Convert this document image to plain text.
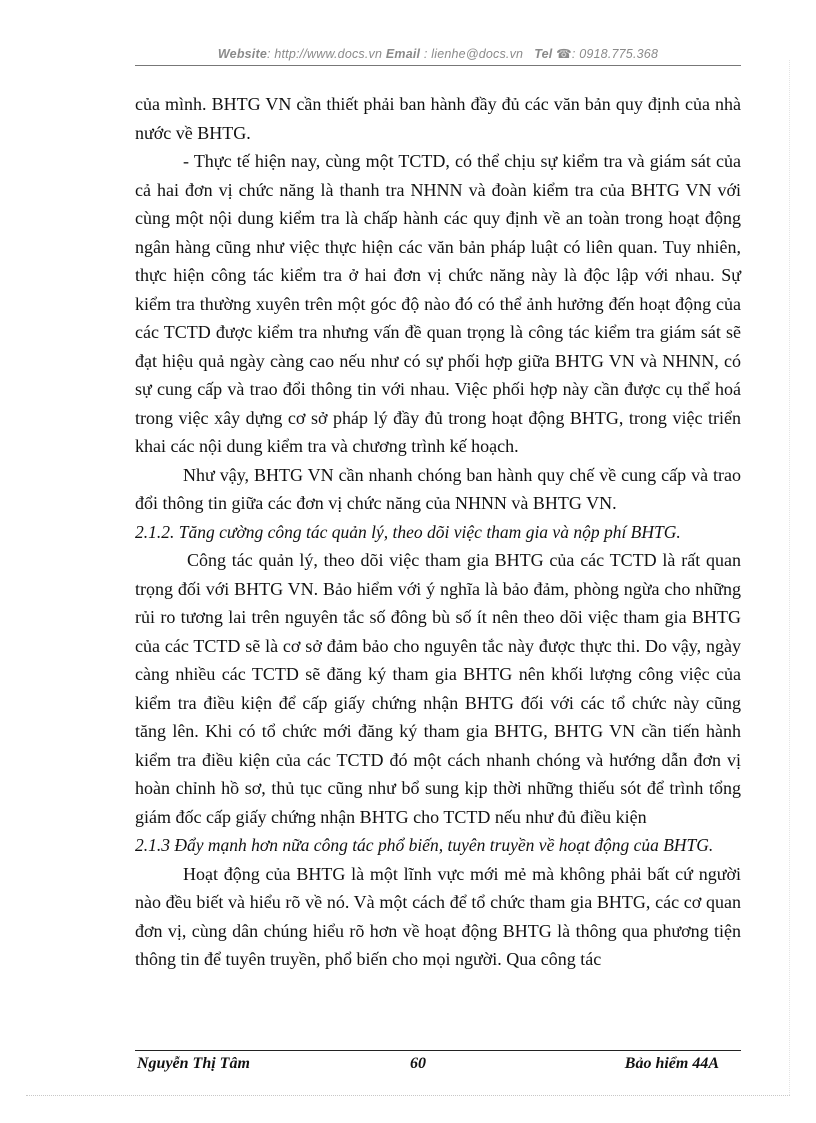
Website: http://www.docs.vn Email : lienhe@docs.vn Tel ☎: 0918.775.368

của mình. BHTG VN cần thiết phải ban hành đầy đủ các văn bản quy định của nhà nước về BHTG.

- Thực tế hiện nay, cùng một TCTD, có thể chịu sự kiểm tra và giám sát của cả hai đơn vị chức năng là thanh tra NHNN và đoàn kiểm tra của BHTG VN với cùng một nội dung kiểm tra là chấp hành các quy định về an toàn trong hoạt động ngân hàng cũng như việc thực hiện các văn bản pháp luật có liên quan. Tuy nhiên, thực hiện công tác kiểm tra ở hai đơn vị chức năng này là độc lập với nhau. Sự kiểm tra thường xuyên trên một góc độ nào đó có thể ảnh hưởng đến hoạt động của các TCTD được kiểm tra nhưng vấn đề quan trọng là công tác kiểm tra giám sát sẽ đạt hiệu quả ngày càng cao nếu như có sự phối hợp giữa BHTG VN và NHNN, có sự cung cấp và trao đổi thông tin với nhau. Việc phối hợp này cần được cụ thể hoá trong việc xây dựng cơ sở pháp lý đầy đủ trong hoạt động BHTG, trong việc triển khai các nội dung kiểm tra và chương trình kế hoạch.

Như vậy, BHTG VN cần nhanh chóng ban hành quy chế về cung cấp và trao đổi thông tin giữa các đơn vị chức năng của NHNN và BHTG VN.

2.1.2. Tăng cường công tác quản lý, theo dõi việc tham gia và nộp phí BHTG.

Công tác quản lý, theo dõi việc tham gia BHTG của các TCTD là rất quan trọng đối với BHTG VN. Bảo hiểm với ý nghĩa là bảo đảm, phòng ngừa cho những rủi ro tương lai trên nguyên tắc số đông bù số ít nên theo dõi việc tham gia BHTG của các TCTD sẽ là cơ sở đảm bảo cho nguyên tắc này được thực thi. Do vậy, ngày càng nhiều các TCTD sẽ đăng ký tham gia BHTG nên khối lượng công việc của kiểm tra điều kiện để cấp giấy chứng nhận BHTG đối với các tổ chức này cũng tăng lên. Khi có tổ chức mới đăng ký tham gia BHTG, BHTG VN cần tiến hành kiểm tra điều kiện của các TCTD đó một cách nhanh chóng và hướng dẫn đơn vị hoàn chỉnh hồ sơ, thủ tục cũng như bổ sung kịp thời những thiếu sót để trình tổng giám đốc cấp giấy chứng nhận BHTG cho TCTD nếu như đủ điều kiện

2.1.3 Đẩy mạnh hơn nữa công tác phổ biến, tuyên truyền về hoạt động của BHTG.

Hoạt động của BHTG là một lĩnh vực mới mẻ mà không phải bất cứ người nào đều biết và hiểu rõ về nó. Và một cách để tổ chức tham gia BHTG, các cơ quan đơn vị, cùng dân chúng hiểu rõ hơn về hoạt động BHTG là thông qua phương tiện thông tin để tuyên truyền, phổ biến cho mọi người. Qua công tác

Nguyễn Thị Tâm	60	Bảo hiểm 44A
